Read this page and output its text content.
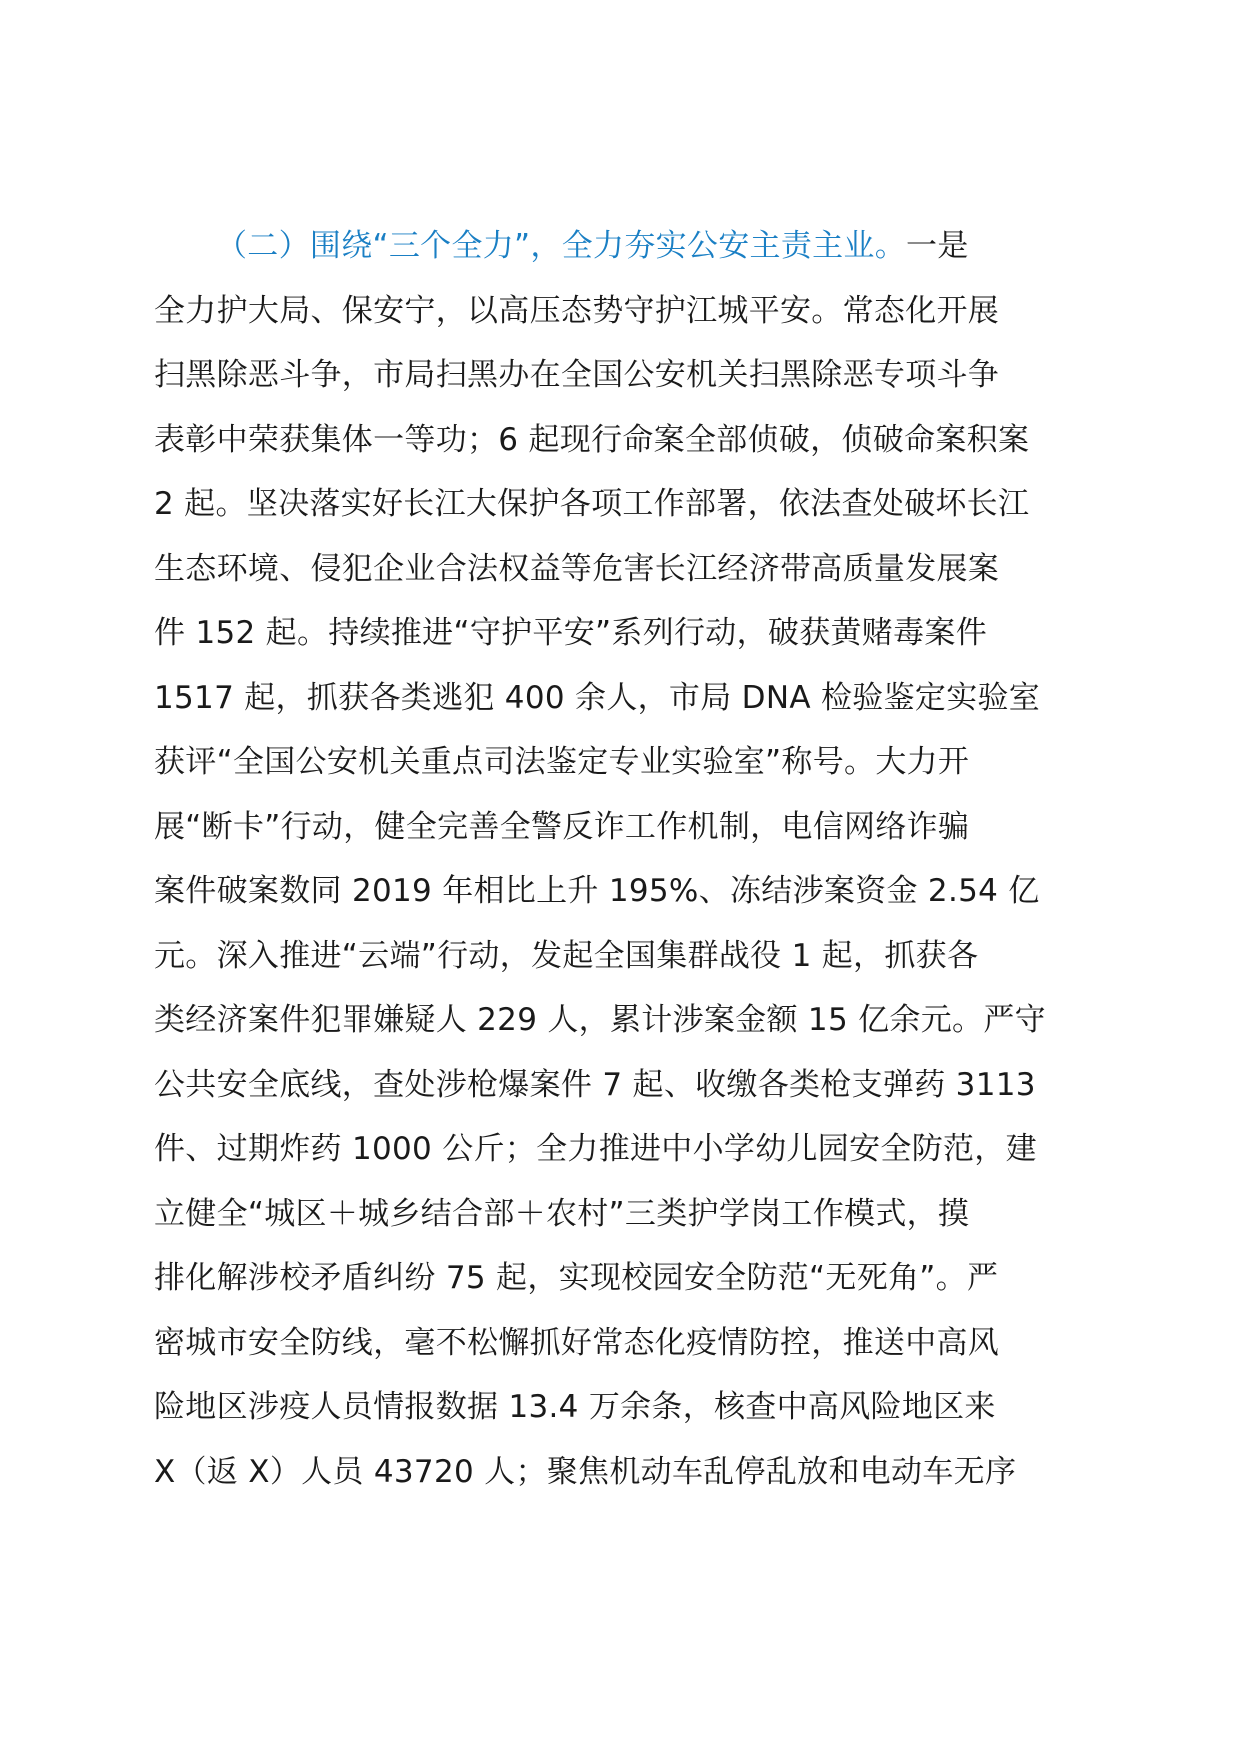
（二）围绕“三个全力”，全力夯实公安主责主业。一是
全力护大局、保安宁，以高压态势守护江城平安。常态化开展
扫黑除恶斗争，市局扫黑办在全国公安机关扫黑除恶专项斗争
表彰中荣获集体一等功；6 起现行命案全部侦破，侦破命案积案
2 起。坚决落实好长江大保护各项工作部署，依法查处破坏长江
生态环境、侵犯企业合法权益等危害长江经济带高质量发展案
件 152 起。持续推进“守护平安”系列行动，破获黄赌毒案件
1517 起，抓获各类逃犯 400 余人，市局 DNA 检验鉴定实验室
获评“全国公安机关重点司法鉴定专业实验室”称号。大力开
展“断卡”行动，健全完善全警反诈工作机制，电信网络诈骗
案件破案数同 2019 年相比上升 195%、冻结涉案资金 2.54 亿
元。深入推进“云端”行动，发起全国集群战役 1 起，抓获各
类经济案件犯罪嫌疑人 229 人，累计涉案金额 15 亿余元。严守
公共安全底线，查处涉枪爆案件 7 起、收缴各类枪支弹药 3113
件、过期炸药 1000 公斤；全力推进中小学幼儿园安全防范，建
立健全“城区＋城乡结合部＋农村”三类护学岗工作模式，摸
排化解涉校矛盾纠纷 75 起，实现校园安全防范“无死角”。严
密城市安全防线，毫不松懈抓好常态化疫情防控，推送中高风
险地区涉疫人员情报数据 13.4 万余条，核查中高风险地区来
X（返 X）人员 43720 人；聚焦机动车乱停乱放和电动车无序
